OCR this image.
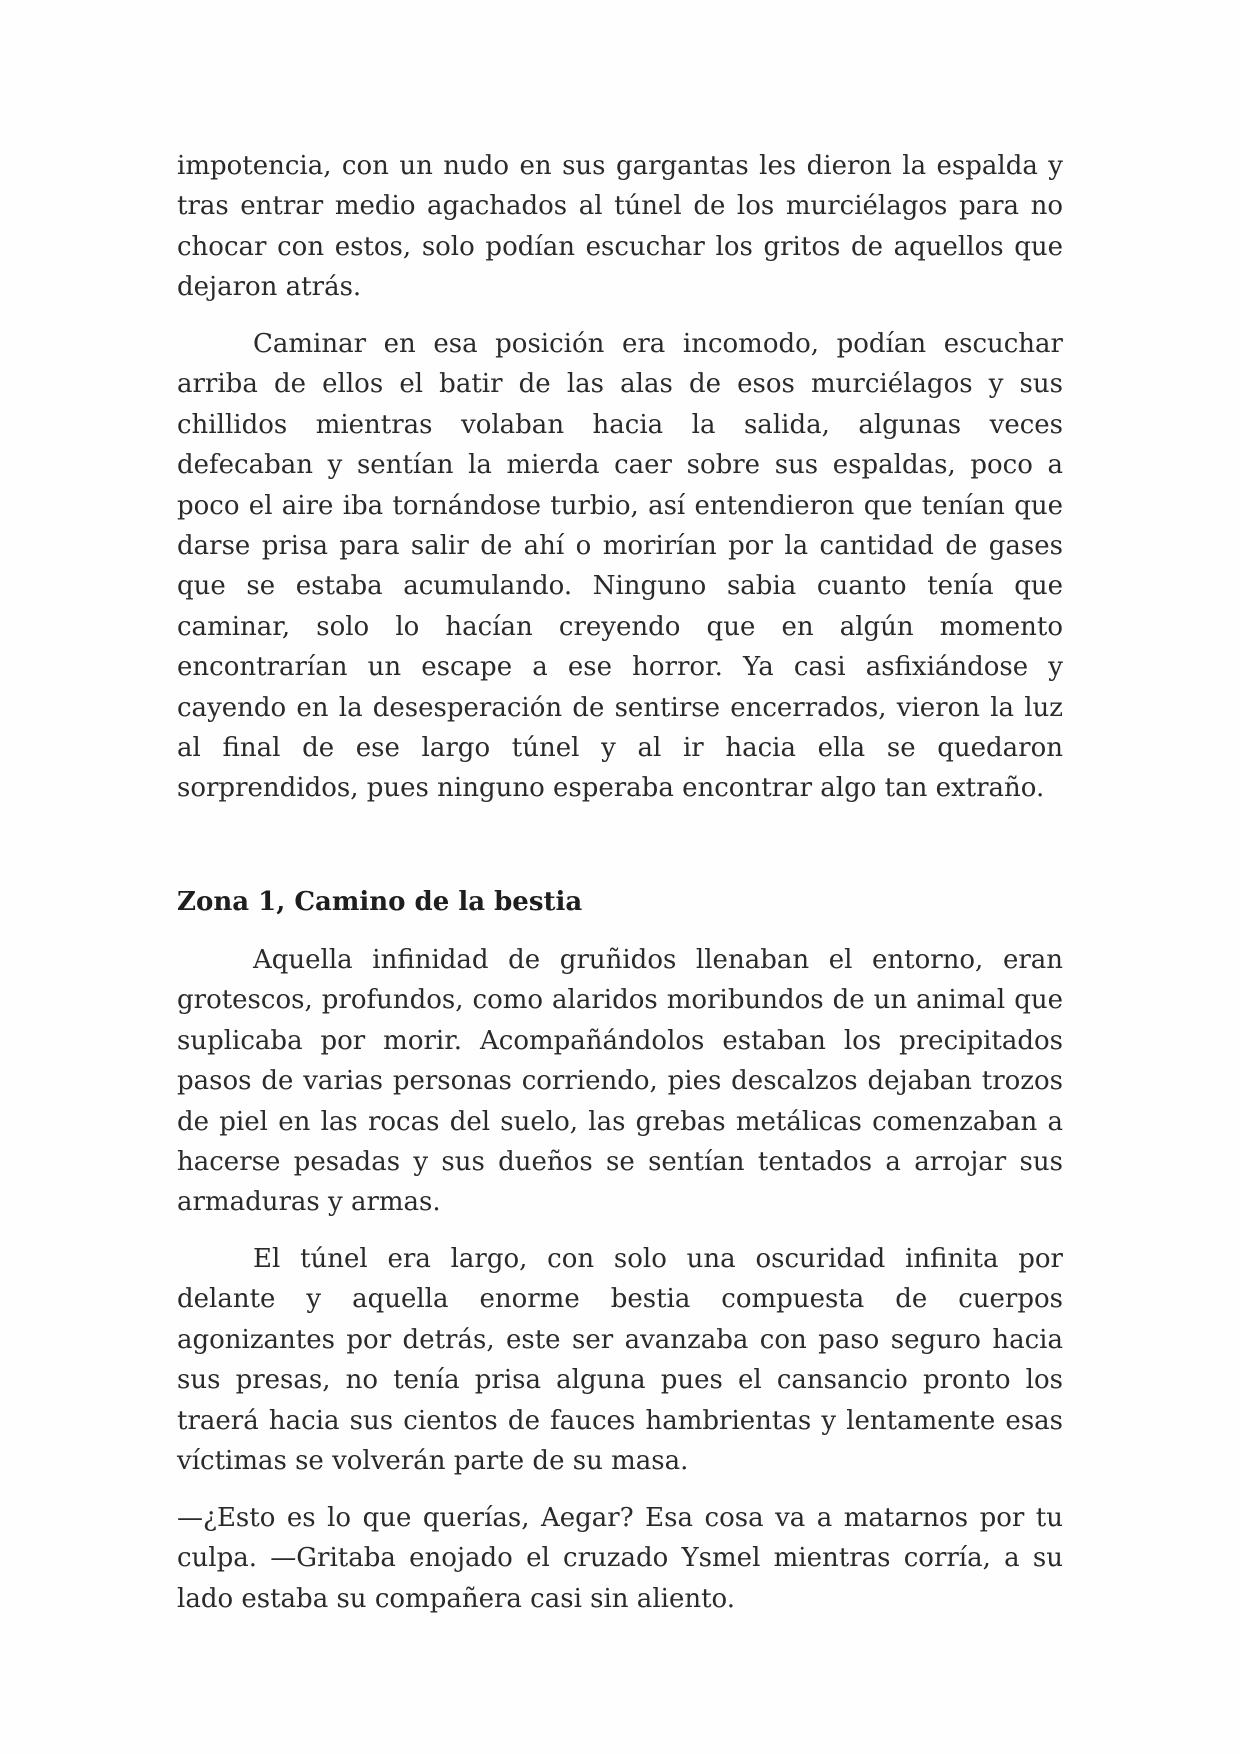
impotencia, con un nudo en sus gargantas les dieron la espalda y tras entrar medio agachados al túnel de los murciélagos para no chocar con estos, solo podían escuchar los gritos de aquellos que dejaron atrás.

Caminar en esa posición era incomodo, podían escuchar arriba de ellos el batir de las alas de esos murciélagos y sus chillidos mientras volaban hacia la salida, algunas veces defecaban y sentían la mierda caer sobre sus espaldas, poco a poco el aire iba tornándose turbio, así entendieron que tenían que darse prisa para salir de ahí o morirían por la cantidad de gases que se estaba acumulando. Ninguno sabia cuanto tenía que caminar, solo lo hacían creyendo que en algún momento encontrarían un escape a ese horror. Ya casi asfixiándose y cayendo en la desesperación de sentirse encerrados, vieron la luz al final de ese largo túnel y al ir hacia ella se quedaron sorprendidos, pues ninguno esperaba encontrar algo tan extraño.

Zona 1, Camino de la bestia

Aquella infinidad de gruñidos llenaban el entorno, eran grotescos, profundos, como alaridos moribundos de un animal que suplicaba por morir. Acompañándolos estaban los precipitados pasos de varias personas corriendo, pies descalzos dejaban trozos de piel en las rocas del suelo, las grebas metálicas comenzaban a hacerse pesadas y sus dueños se sentían tentados a arrojar sus armaduras y armas.

El túnel era largo, con solo una oscuridad infinita por delante y aquella enorme bestia compuesta de cuerpos agonizantes por detrás, este ser avanzaba con paso seguro hacia sus presas, no tenía prisa alguna pues el cansancio pronto los traerá hacia sus cientos de fauces hambrientas y lentamente esas víctimas se volverán parte de su masa.

—¿Esto es lo que querías, Aegar? Esa cosa va a matarnos por tu culpa. —Gritaba enojado el cruzado Ysmel mientras corría, a su lado estaba su compañera casi sin aliento.
